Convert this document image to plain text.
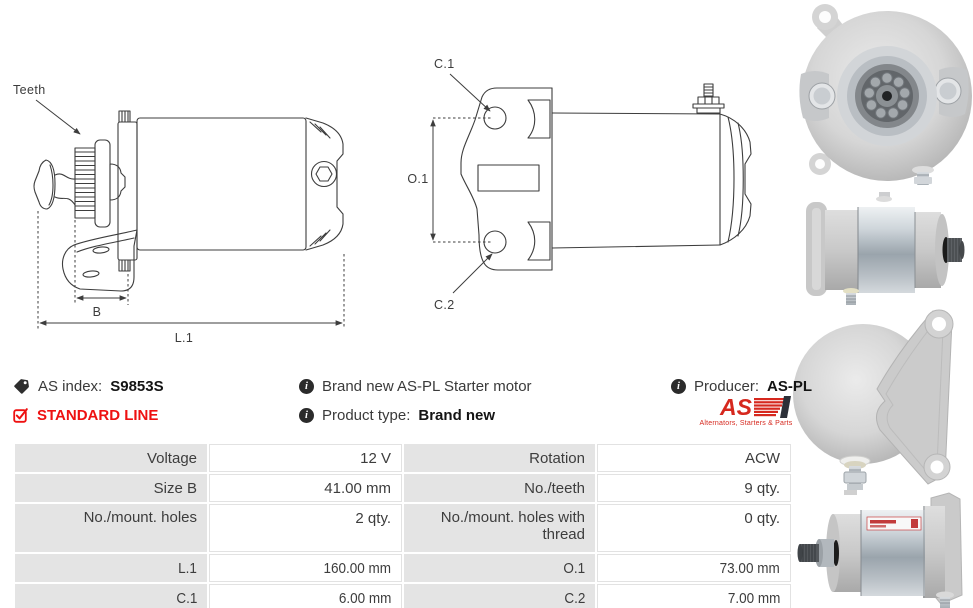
Teeth
B
L.1
C.1
O.1
C.2
AS index: S9853S	i Brand new AS-PL Starter motor	i Producer: AS-PL
STANDARD LINE	i Product type: Brand new	AS
Alternators, Starters & Parts
Voltage	12 V	Rotation	ACW
Size B	41.00 mm	No./teeth	9 qty.
No./mount. holes	2 qty.	No./mount. holes with thread	0 qty.
L.1	160.00 mm	O.1	73.00 mm
C.1	6.00 mm	C.2	7.00 mm
